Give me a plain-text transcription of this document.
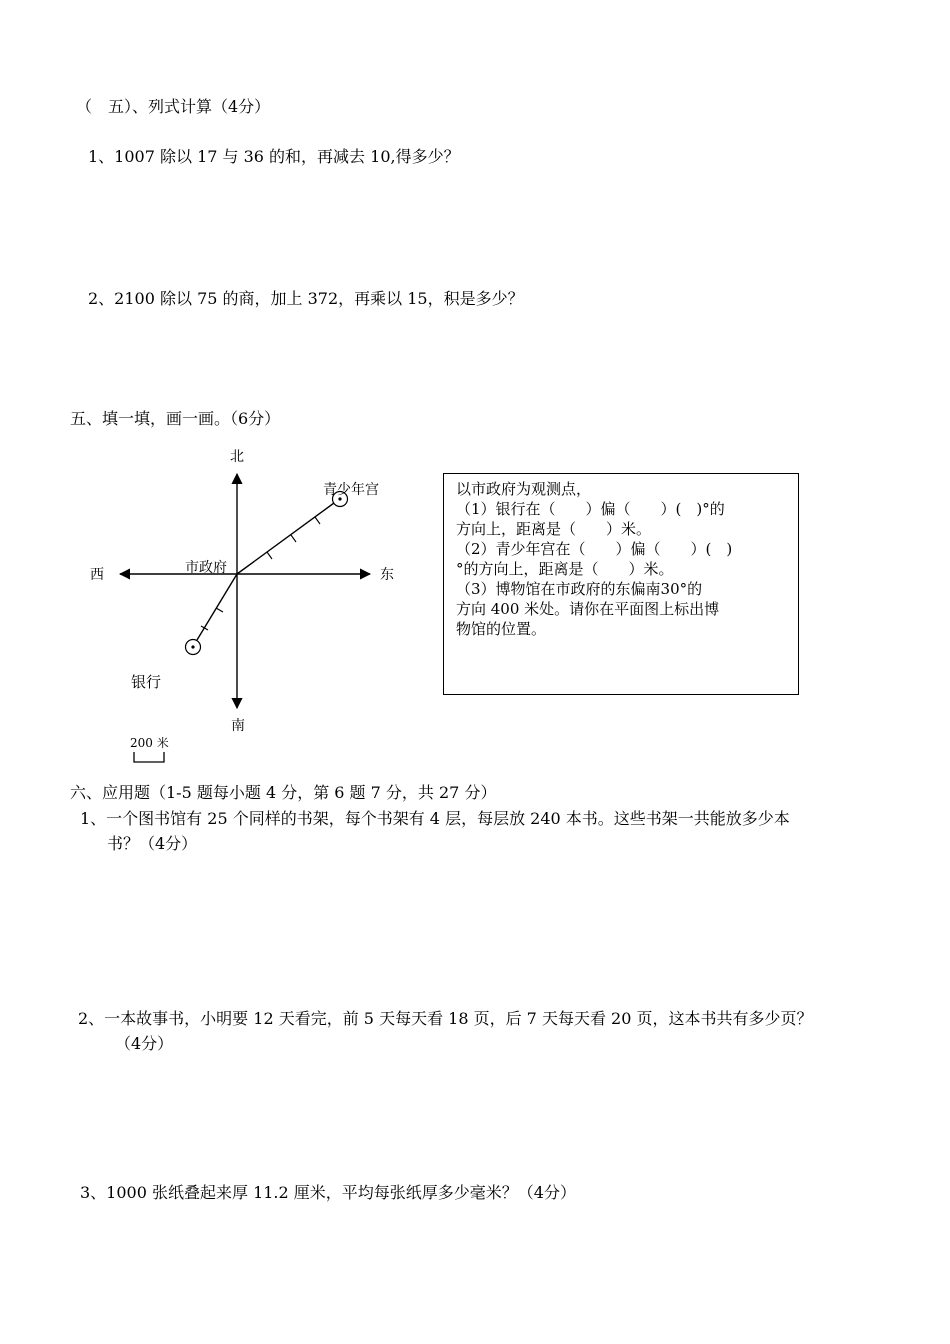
（　五）、列式计算（4分）
1、1007 除以 17 与 36 的和，再减去 10,得多少？
2、2100 除以 75 的商，加上 372，再乘以 15，积是多少？
五、填一填，画一画。（6分）
北
南
东
西	市政府
青少年宫
银行
200 米
以市政府为观测点，
（1）银行在（　　）偏（　　）(　)°的
方向上，距离是（　　）米。
（2）青少年宫在（　　）偏（　　）(　)
°的方向上，距离是（　　）米。
（3）博物馆在市政府的东偏南30°的
方向 400 米处。请你在平面图上标出博
物馆的位置。
六、应用题（1-5 题每小题 4 分，第 6 题 7 分，共 27 分）
1、一个图书馆有 25 个同样的书架，每个书架有 4 层，每层放 240 本书。这些书架一共能放多少本
书？（4分）
2、一本故事书，小明要 12 天看完，前 5 天每天看 18 页，后 7 天每天看 20 页，这本书共有多少页？
（4分）
3、1000 张纸叠起来厚 11.2 厘米，平均每张纸厚多少毫米？（4分）
